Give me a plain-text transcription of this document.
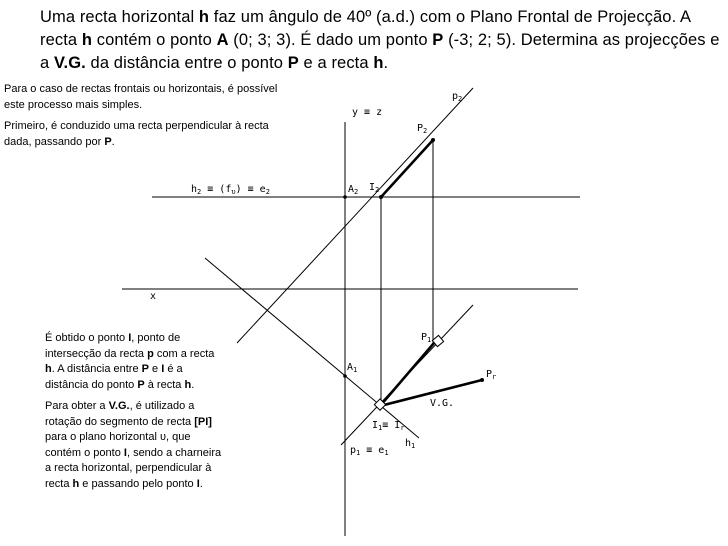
Uma recta horizontal h faz um ângulo de 40º (a.d.) com o Plano Frontal de Projecção. A recta h contém o ponto A (0; 3; 3). É dado um ponto P (-3; 2; 5). Determina as projecções e a V.G. da distância entre o ponto P e a recta h.

Para o caso de rectas frontais ou horizontais, é possível este processo mais simples.

Primeiro, é conduzido uma recta perpendicular à recta dada, passando por P.

É obtido o ponto I, ponto de intersecção da recta p com a recta h. A distância entre P e I é a distância do ponto P à recta h.

Para obter a V.G., é utilizado a rotação do segmento de recta [PI] para o plano horizontal υ, que contém o ponto I, sendo a charneira a recta horizontal, perpendicular à recta h e passando pelo ponto I.

y ≡ z
x
$h_2 \equiv (f_\upsilon) \equiv e_2$	$A_2$ $I_2$
$P_2$
$p_2$
$P_1$
$P_r$
$A_1$
V.G.
$I_1\equiv I_r$
$h_1$
$p_1 \equiv e_1$
